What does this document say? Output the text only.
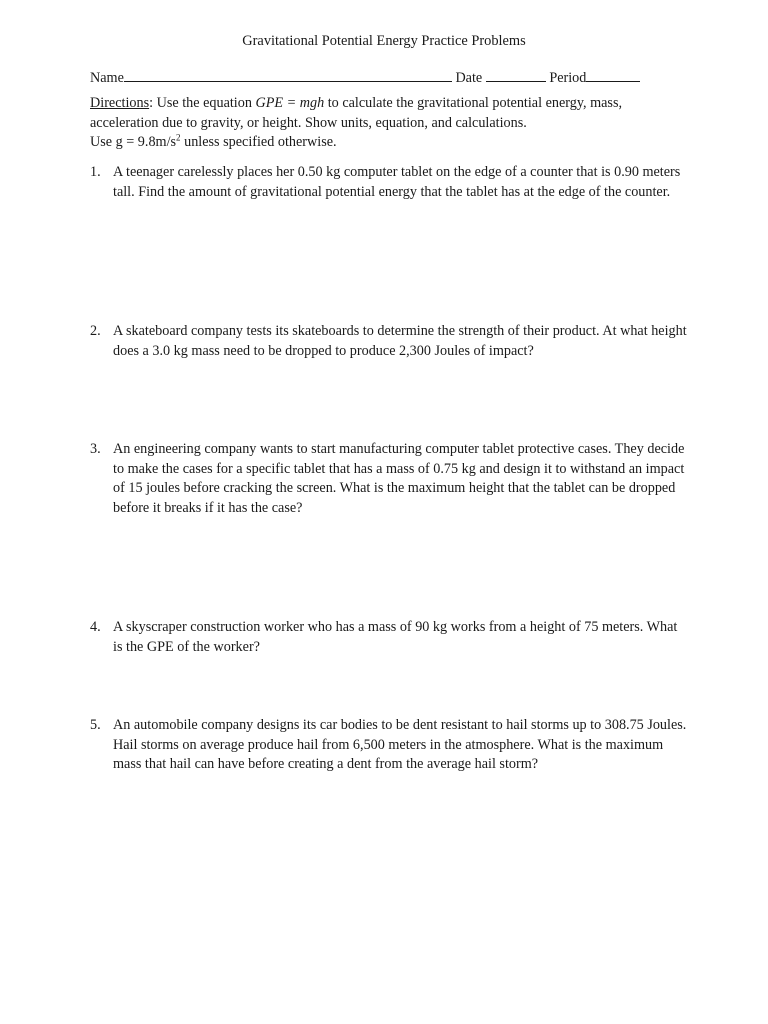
Gravitational Potential Energy Practice Problems
Name	Date	Period
Directions: Use the equation GPE = mgh to calculate the gravitational potential energy, mass, acceleration due to gravity, or height. Show units, equation, and calculations.
Use $g = 9.8m/s^2$ unless specified otherwise.
1. A teenager carelessly places her 0.50 kg computer tablet on the edge of a counter that is 0.90 meters tall. Find the amount of gravitational potential energy that the tablet has at the edge of the counter.
2. A skateboard company tests its skateboards to determine the strength of their product. At what height does a 3.0 kg mass need to be dropped to produce 2,300 Joules of impact?
3. An engineering company wants to start manufacturing computer tablet protective cases. They decide to make the cases for a specific tablet that has a mass of 0.75 kg and design it to withstand an impact of 15 joules before cracking the screen. What is the maximum height that the tablet can be dropped before it breaks if it has the case?
4. A skyscraper construction worker who has a mass of 90 kg works from a height of 75 meters. What is the GPE of the worker?
5. An automobile company designs its car bodies to be dent resistant to hail storms up to 308.75 Joules. Hail storms on average produce hail from 6,500 meters in the atmosphere. What is the maximum mass that hail can have before creating a dent from the average hail storm?
